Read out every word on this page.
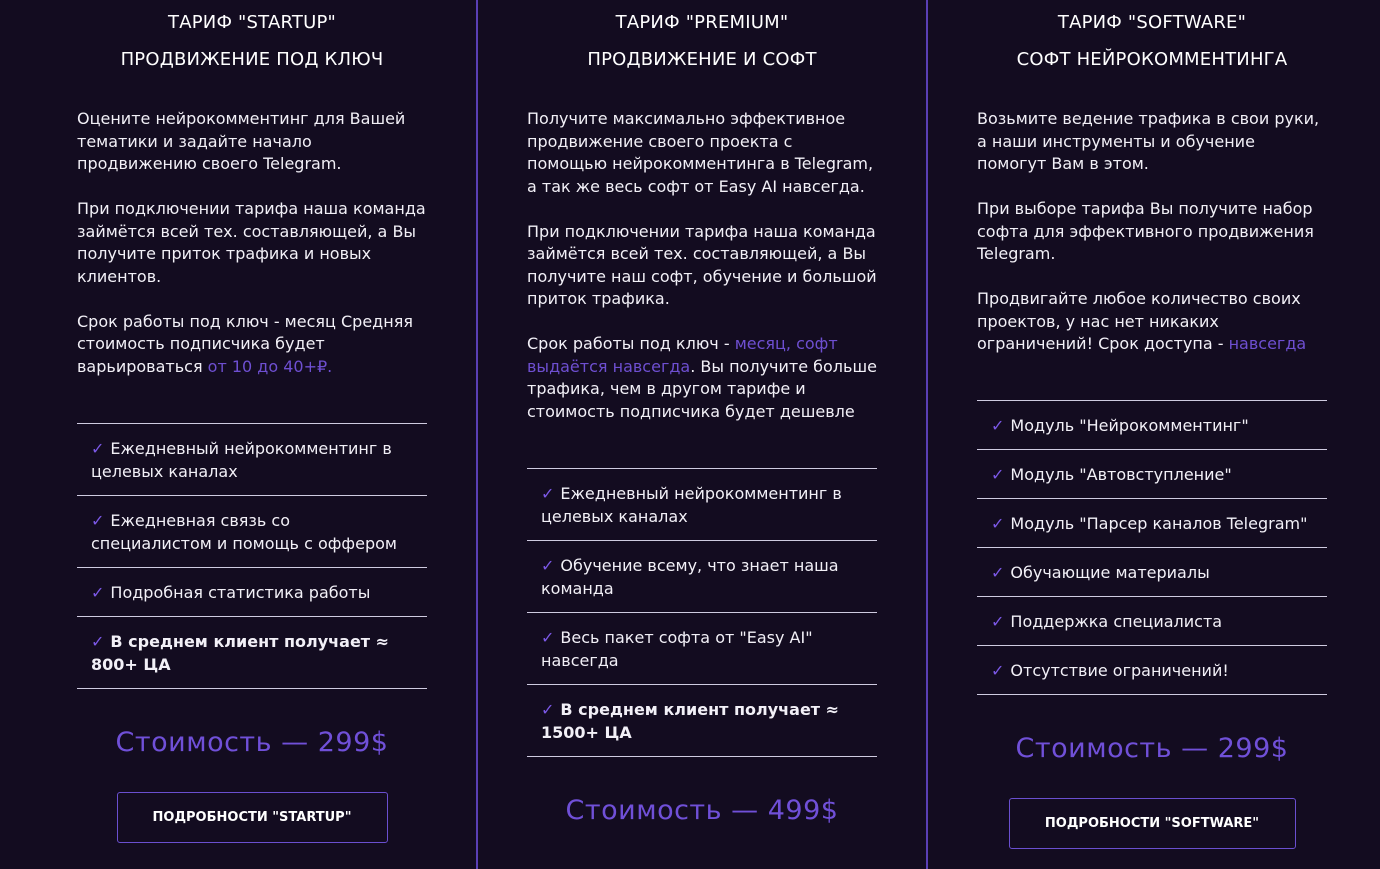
ТАРИФ "STARTUP"
ПРОДВИЖЕНИЕ ПОД КЛЮЧ

Оцените нейрокомментинг для Вашей тематики и задайте начало продвижению своего Telegram.

При подключении тарифа наша команда займётся всей тех. составляющей, а Вы получите приток трафика и новых клиентов.

Срок работы под ключ - месяц Средняя стоимость подписчика будет варьироваться от 10 до 40+₽.

✓ Ежедневный нейрокомментинг в целевых каналах
✓ Ежедневная связь со специалистом и помощь с оффером
✓ Подробная статистика работы
✓ В среднем клиент получает ≈ 800+ ЦА
Стоимость — 299$
ПОДРОБНОСТИ "STARTUP"
ТАРИФ "PREMIUM"
ПРОДВИЖЕНИЕ И СОФТ

Получите максимально эффективное продвижение своего проекта с помощью нейрокомментинга в Telegram, а так же весь софт от Easy AI навсегда.

При подключении тарифа наша команда займётся всей тех. составляющей, а Вы получите наш софт, обучение и большой приток трафика.

Срок работы под ключ - месяц, софт выдаётся навсегда. Вы получите больше трафика, чем в другом тарифе и стоимость подписчика будет дешевле

✓ Ежедневный нейрокомментинг в целевых каналах
✓ Обучение всему, что знает наша команда
✓ Весь пакет софта от "Easy AI" навсегда
✓ В среднем клиент получает ≈ 1500+ ЦА
Стоимость — 499$
ТАРИФ "SOFTWARE"
СОФТ НЕЙРОКОММЕНТИНГА

Возьмите ведение трафика в свои руки, а наши инструменты и обучение помогут Вам в этом.

При выборе тарифа Вы получите набор софта для эффективного продвижения Telegram.

Продвигайте любое количество своих проектов, у нас нет никаких ограничений! Срок доступа - навсегда

✓ Модуль "Нейрокомментинг"
✓ Модуль "Автовступление"
✓ Модуль "Парсер каналов Telegram"
✓ Обучающие материалы
✓ Поддержка специалиста
✓ Отсутствие ограничений!
Стоимость — 299$
ПОДРОБНОСТИ "SOFTWARE"
